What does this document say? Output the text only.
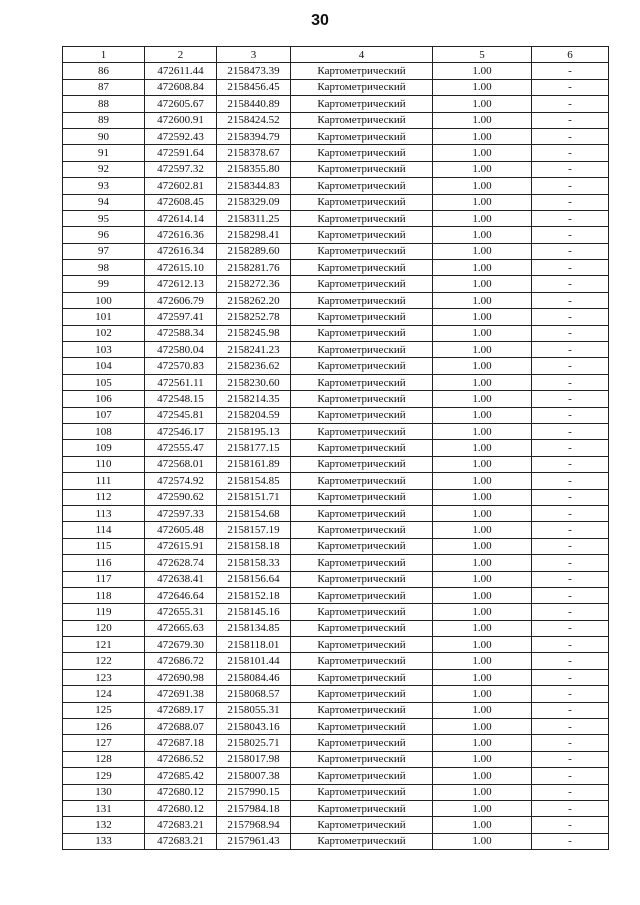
30
1	2	3	4	5	6
86	472611.44	2158473.39	Картометрический	1.00	-
87	472608.84	2158456.45	Картометрический	1.00	-
88	472605.67	2158440.89	Картометрический	1.00	-
89	472600.91	2158424.52	Картометрический	1.00	-
90	472592.43	2158394.79	Картометрический	1.00	-
91	472591.64	2158378.67	Картометрический	1.00	-
92	472597.32	2158355.80	Картометрический	1.00	-
93	472602.81	2158344.83	Картометрический	1.00	-
94	472608.45	2158329.09	Картометрический	1.00	-
95	472614.14	2158311.25	Картометрический	1.00	-
96	472616.36	2158298.41	Картометрический	1.00	-
97	472616.34	2158289.60	Картометрический	1.00	-
98	472615.10	2158281.76	Картометрический	1.00	-
99	472612.13	2158272.36	Картометрический	1.00	-
100	472606.79	2158262.20	Картометрический	1.00	-
101	472597.41	2158252.78	Картометрический	1.00	-
102	472588.34	2158245.98	Картометрический	1.00	-
103	472580.04	2158241.23	Картометрический	1.00	-
104	472570.83	2158236.62	Картометрический	1.00	-
105	472561.11	2158230.60	Картометрический	1.00	-
106	472548.15	2158214.35	Картометрический	1.00	-
107	472545.81	2158204.59	Картометрический	1.00	-
108	472546.17	2158195.13	Картометрический	1.00	-
109	472555.47	2158177.15	Картометрический	1.00	-
110	472568.01	2158161.89	Картометрический	1.00	-
111	472574.92	2158154.85	Картометрический	1.00	-
112	472590.62	2158151.71	Картометрический	1.00	-
113	472597.33	2158154.68	Картометрический	1.00	-
114	472605.48	2158157.19	Картометрический	1.00	-
115	472615.91	2158158.18	Картометрический	1.00	-
116	472628.74	2158158.33	Картометрический	1.00	-
117	472638.41	2158156.64	Картометрический	1.00	-
118	472646.64	2158152.18	Картометрический	1.00	-
119	472655.31	2158145.16	Картометрический	1.00	-
120	472665.63	2158134.85	Картометрический	1.00	-
121	472679.30	2158118.01	Картометрический	1.00	-
122	472686.72	2158101.44	Картометрический	1.00	-
123	472690.98	2158084.46	Картометрический	1.00	-
124	472691.38	2158068.57	Картометрический	1.00	-
125	472689.17	2158055.31	Картометрический	1.00	-
126	472688.07	2158043.16	Картометрический	1.00	-
127	472687.18	2158025.71	Картометрический	1.00	-
128	472686.52	2158017.98	Картометрический	1.00	-
129	472685.42	2158007.38	Картометрический	1.00	-
130	472680.12	2157990.15	Картометрический	1.00	-
131	472680.12	2157984.18	Картометрический	1.00	-
132	472683.21	2157968.94	Картометрический	1.00	-
133	472683.21	2157961.43	Картометрический	1.00	-
